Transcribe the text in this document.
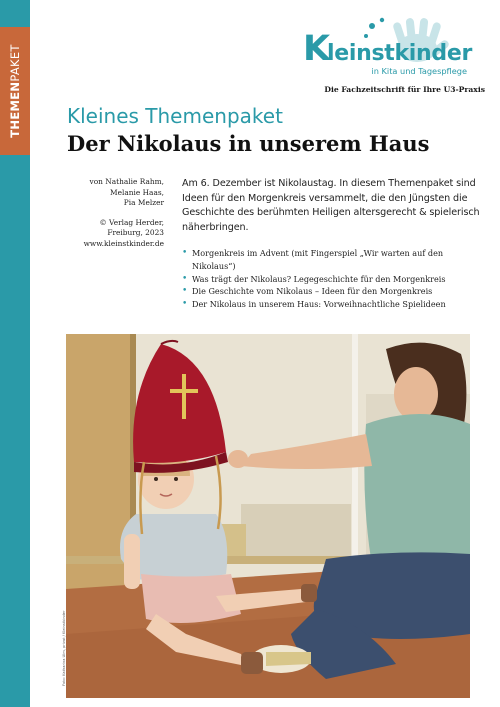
THEMENPAKET	K
leinstkinder
in Kita und Tagespflege
Die Fachzeitschrift für Ihre U3-Praxis
Kleines Themenpaket
Der Nikolaus in unserem Haus
von Nathalie Rahm,
Melanie Haas,
Pia Melzer
© Verlag Herder, Freiburg, 2023
www.kleinstkinder.de
Am 6. Dezember ist Nikolaustag. In diesem Themenpaket sind Ideen für den Morgenkreis versammelt, die den Jüngsten die Geschichte des berühmten Heiligen altersgerecht & spielerisch näherbringen.
• Morgenkreis im Advent (mit Fingerspiel „Wir warten auf den Nikolaus“)
• Was trägt der Nikolaus? Legegeschichte für den Morgenkreis
• Die Geschichte vom Nikolaus – Ideen für den Morgenkreis
• Der Nikolaus in unserem Haus: Vorweihnachtliche Spielideen
Foto: Katharina Ulm, privat / Kleinstkinder
